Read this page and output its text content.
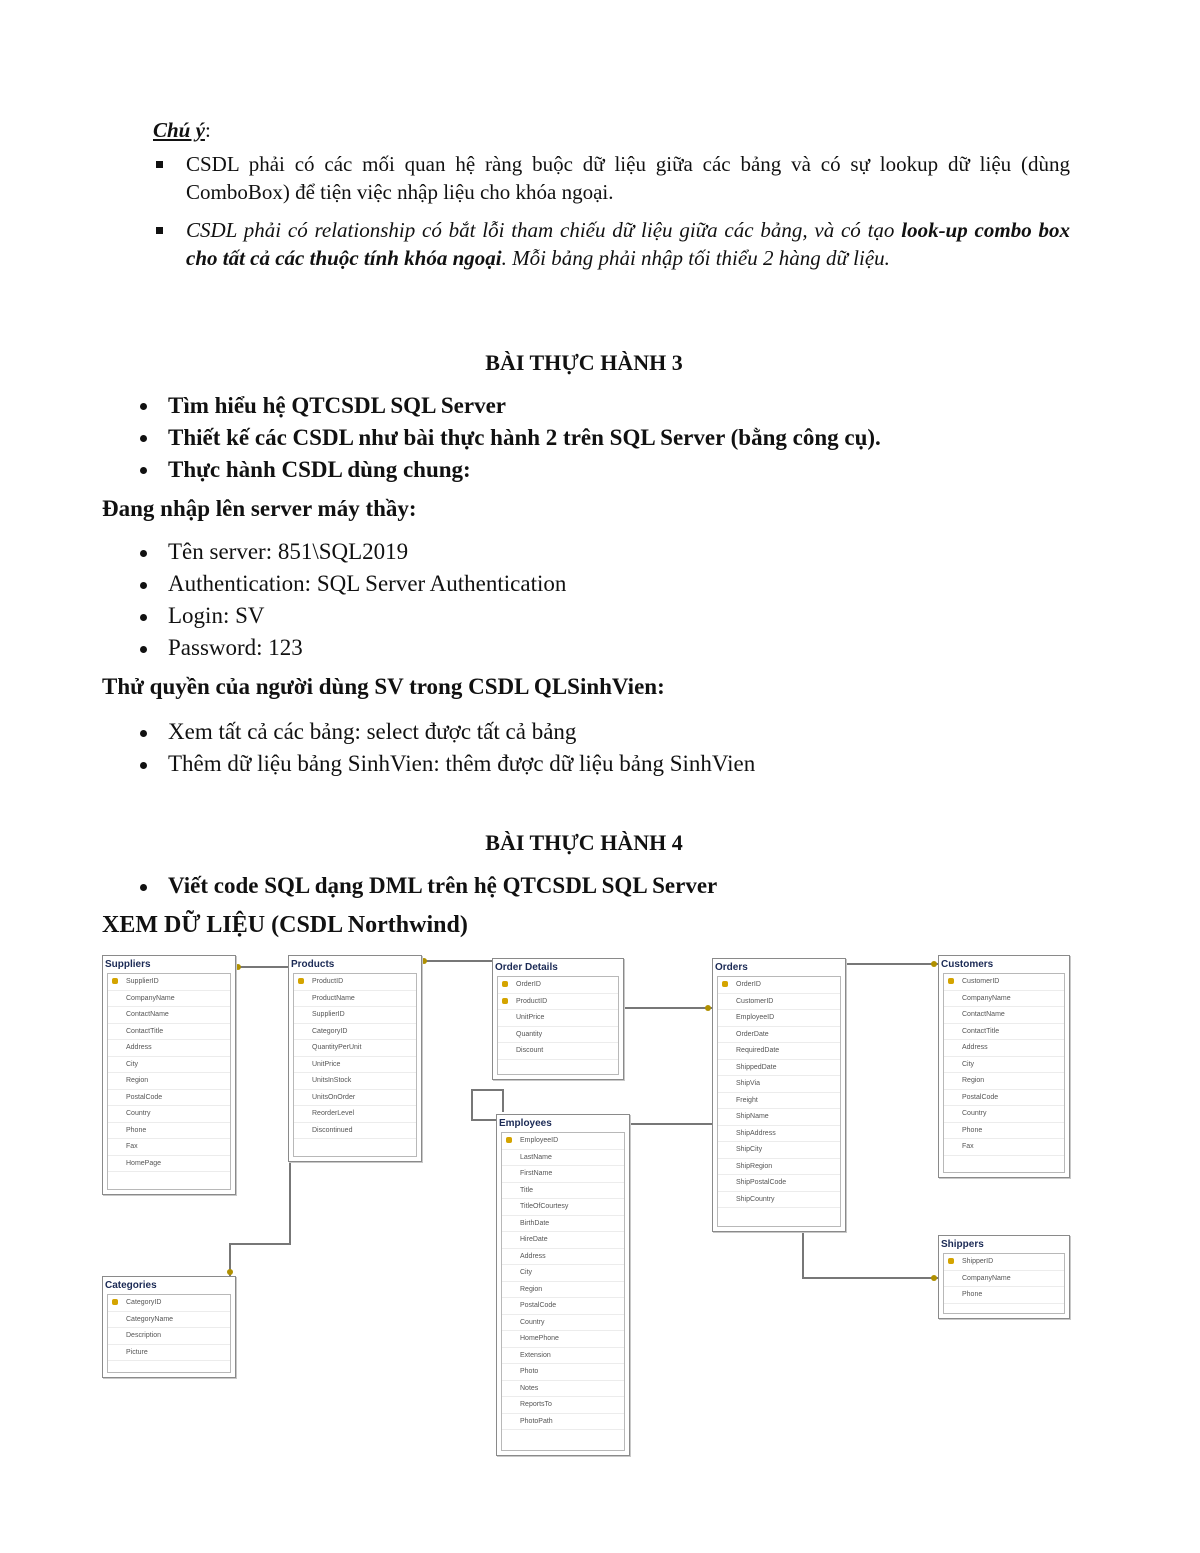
Chú ý:
CSDL phải có các mối quan hệ ràng buộc dữ liệu giữa các bảng và có sự lookup dữ liệu (dùng ComboBox) để tiện việc nhập liệu cho khóa ngoại.
CSDL phải có relationship có bắt lỗi tham chiếu dữ liệu giữa các bảng, và có tạo look-up combo box cho tất cả các thuộc tính khóa ngoại. Mỗi bảng phải nhập tối thiểu 2 hàng dữ liệu.
BÀI THỰC HÀNH 3
Tìm hiểu hệ QTCSDL SQL Server
Thiết kế các CSDL như bài thực hành 2 trên SQL Server (bằng công cụ).
Thực hành CSDL dùng chung:
Đang nhập lên server máy thầy:
Tên server: 851\SQL2019
Authentication: SQL Server Authentication
Login: SV
Password: 123
Thử quyền của người dùng SV trong CSDL QLSinhVien:
Xem tất cả các bảng: select được tất cả bảng
Thêm dữ liệu bảng SinhVien: thêm được dữ liệu bảng SinhVien
BÀI THỰC HÀNH 4
Viết code SQL dạng DML trên hệ QTCSDL SQL Server
XEM DỮ LIỆU (CSDL Northwind)
Suppliers
SupplierID
CompanyName
ContactName
ContactTitle
Address
City
Region
PostalCode
Country
Phone
Fax
HomePage
Products
ProductID
ProductName
SupplierID
CategoryID
QuantityPerUnit
UnitPrice
UnitsInStock
UnitsOnOrder
ReorderLevel
Discontinued
Order Details
OrderID
ProductID
UnitPrice
Quantity
Discount
Orders
OrderID
CustomerID
EmployeeID
OrderDate
RequiredDate
ShippedDate
ShipVia
Freight
ShipName
ShipAddress
ShipCity
ShipRegion
ShipPostalCode
ShipCountry
Customers
CustomerID
CompanyName
ContactName
ContactTitle
Address
City
Region
PostalCode
Country
Phone
Fax
Employees
EmployeeID
LastName
FirstName
Title
TitleOfCourtesy
BirthDate
HireDate
Address
City
Region
PostalCode
Country
HomePhone
Extension
Photo
Notes
ReportsTo
PhotoPath
Categories
CategoryID
CategoryName
Description
Picture
Shippers
ShipperID
CompanyName
Phone
